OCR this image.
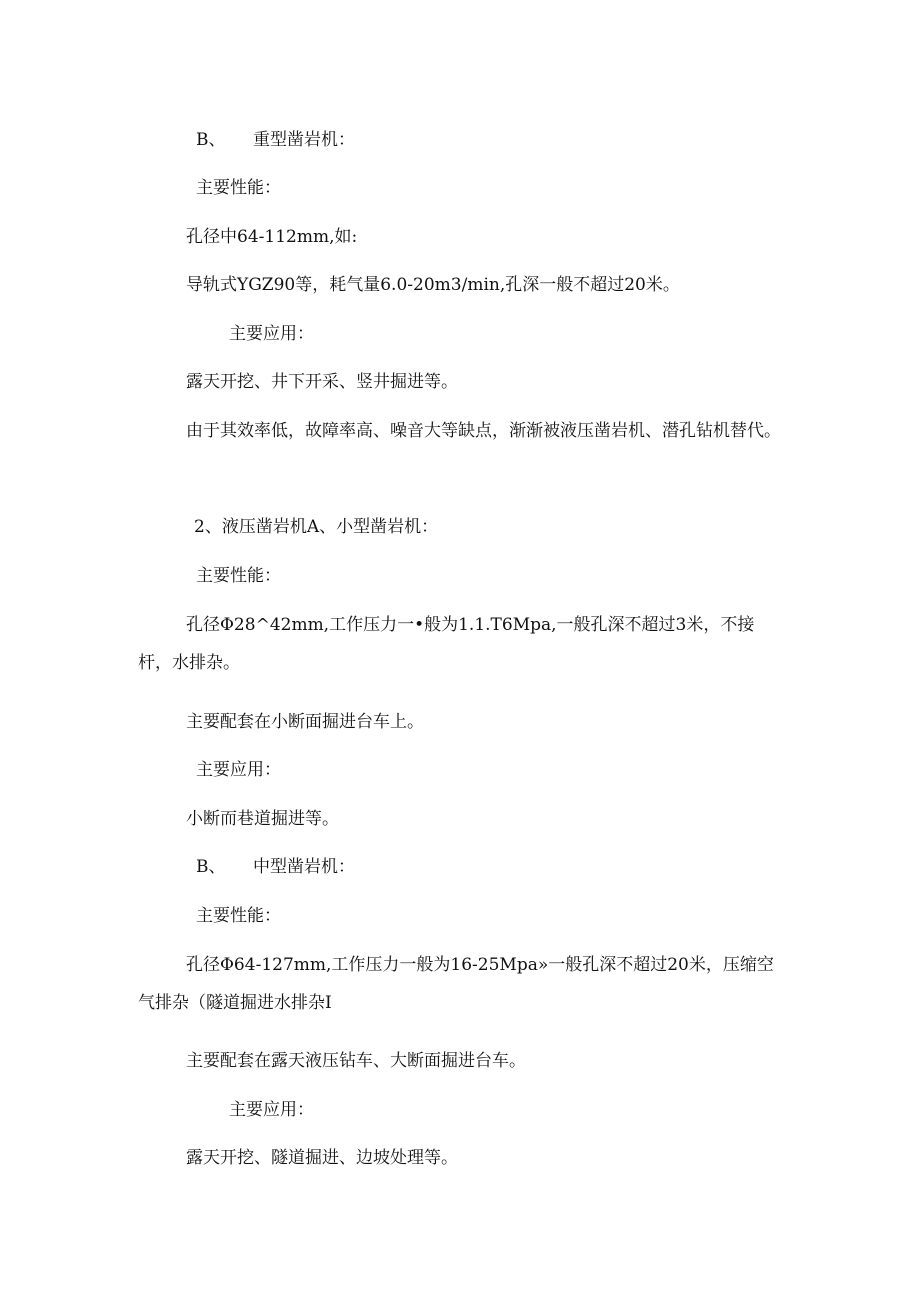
B、 重型凿岩机：
主要性能：
孔径中64-112mm,如:
导轨式YGZ90等，耗气量6.0-20m3∕min,孔深一般不超过20米。
主要应用：
露天开挖、井下开采、竖井掘进等。
由于其效率低，故障率高、噪音大等缺点，渐渐被液压凿岩机、潜孔钻机替代。
2、液压凿岩机A、小型凿岩机：
主要性能：
孔径Φ28^42mm,工作压力一•般为1.1.T6Mpa,一般孔深不超过3米，不接杆，水排杂。
主要配套在小断面掘进台车上。
主要应用：
小断而巷道掘进等。
B、 中型凿岩机：
主要性能：
孔径Φ64-127mm,工作压力一般为16-25Mpa»一般孔深不超过20米，压缩空气排杂（隧道掘进水排杂I
主要配套在露天液压钻车、大断面掘进台车。
主要应用：
露天开挖、隧道掘进、边坡处理等。
